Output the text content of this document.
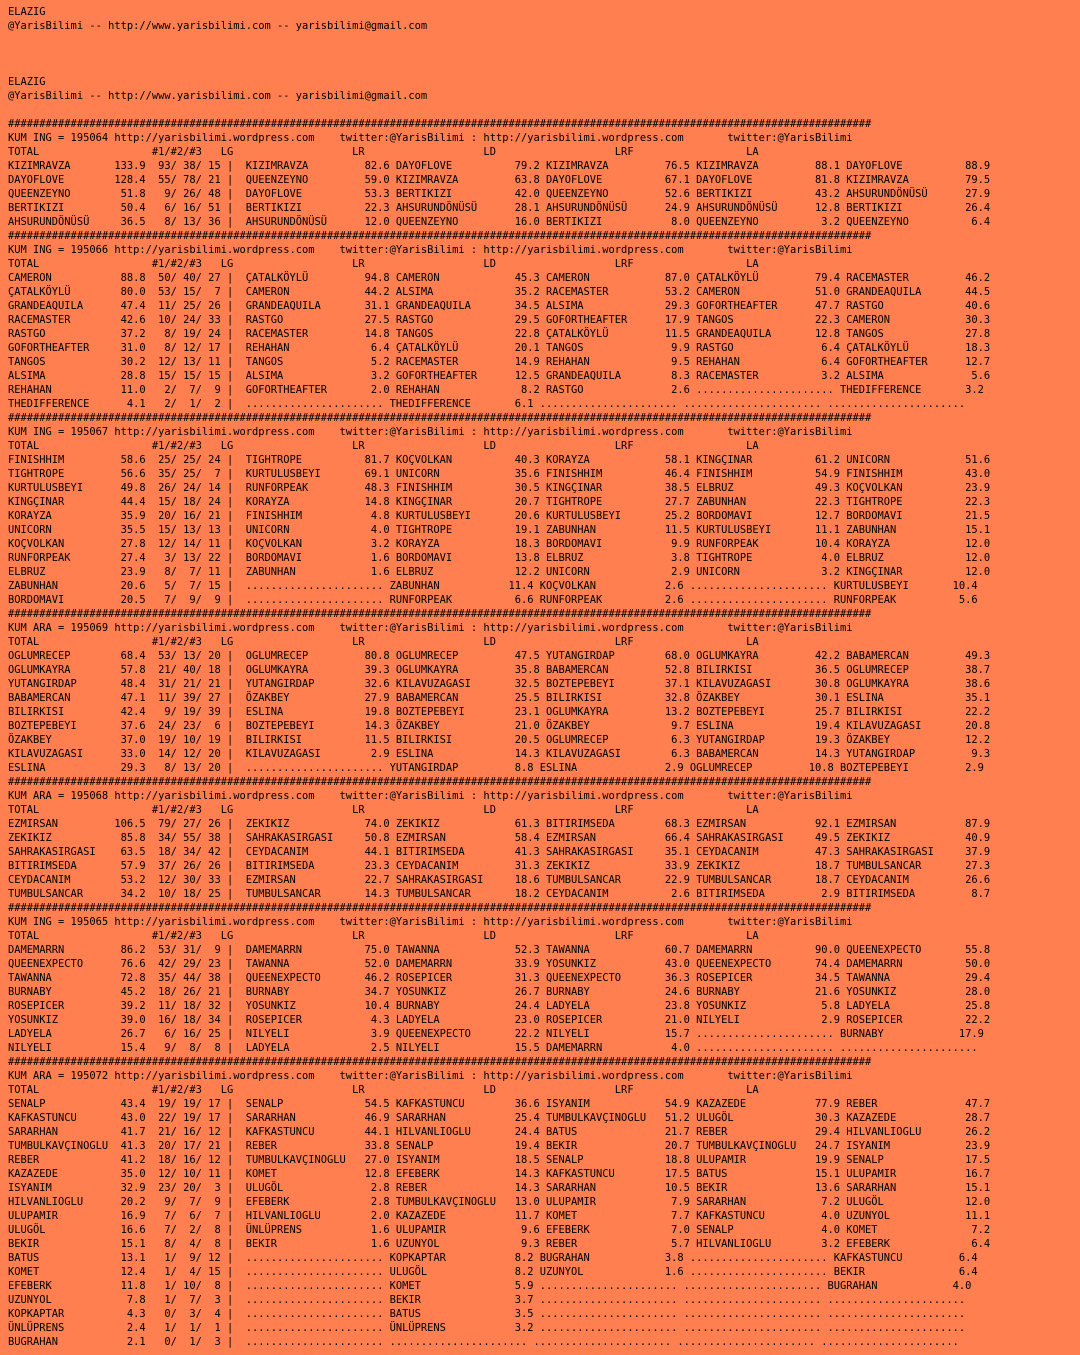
ELAZIG
@YarisBilimi -- http://www.yarisbilimi.com -- yarisbilimi@gmail.com
ELAZIG
@YarisBilimi -- http://www.yarisbilimi.com -- yarisbilimi@gmail.com
##########################################################################################################################################
KUM ING = 195064 http://yarisbilimi.wordpress.com    twitter:@YarisBilimi : http://yarisbilimi.wordpress.com       twitter:@YarisBilimi
TOTAL                  #1/#2/#3   LG                   LR                   LD                   LRF                  LA
KIZIMRAVZA       133.9  93/ 38/ 15 |  KIZIMRAVZA         82.6 DAYOFLOVE          79.2 KIZIMRAVZA         76.5 KIZIMRAVZA         88.1 DAYOFLOVE          88.9
DAYOFLOVE        128.4  55/ 78/ 21 |  QUEENZEYNO         59.0 KIZIMRAVZA         63.8 DAYOFLOVE          67.1 DAYOFLOVE          81.8 KIZIMRAVZA         79.5
QUEENZEYNO        51.8   9/ 26/ 48 |  DAYOFLOVE          53.3 BERTIKIZI          42.0 QUEENZEYNO         52.6 BERTIKIZI          43.2 AHSURUNDÖNÜSÜ      27.9
BERTIKIZI         50.4   6/ 16/ 51 |  BERTIKIZI          22.3 AHSURUNDÖNÜSÜ      28.1 AHSURUNDÖNÜSÜ      24.9 AHSURUNDÖNÜSÜ      12.8 BERTIKIZI          26.4
AHSURUNDÖNÜSÜ     36.5   8/ 13/ 36 |  AHSURUNDÖNÜSÜ      12.0 QUEENZEYNO         16.0 BERTIKIZI           8.0 QUEENZEYNO          3.2 QUEENZEYNO          6.4
##########################################################################################################################################
KUM ING = 195066 http://yarisbilimi.wordpress.com    twitter:@YarisBilimi : http://yarisbilimi.wordpress.com       twitter:@YarisBilimi
TOTAL                  #1/#2/#3   LG                   LR                   LD                   LRF                  LA
CAMERON           88.8  50/ 40/ 27 |  ÇATALKÖYLÜ         94.8 CAMERON            45.3 CAMERON            87.0 ÇATALKÖYLÜ         79.4 RACEMASTER         46.2
ÇATALKÖYLÜ        80.0  53/ 15/  7 |  CAMERON            44.2 ALSIMA             35.2 RACEMASTER         53.2 CAMERON            51.0 GRANDEAQUILA       44.5
GRANDEAQUILA      47.4  11/ 25/ 26 |  GRANDEAQUILA       31.1 GRANDEAQUILA       34.5 ALSIMA             29.3 GOFORTHEAFTER      47.7 RASTGO             40.6
RACEMASTER        42.6  10/ 24/ 33 |  RASTGO             27.5 RASTGO             29.5 GOFORTHEAFTER      17.9 TANGOS             22.3 CAMERON            30.3
RASTGO            37.2   8/ 19/ 24 |  RACEMASTER         14.8 TANGOS             22.8 ÇATALKÖYLÜ         11.5 GRANDEAQUILA       12.8 TANGOS             27.8
GOFORTHEAFTER     31.0   8/ 12/ 17 |  REHAHAN             6.4 ÇATALKÖYLÜ         20.1 TANGOS              9.9 RASTGO              6.4 ÇATALKÖYLÜ         18.3
TANGOS            30.2  12/ 13/ 11 |  TANGOS              5.2 RACEMASTER         14.9 REHAHAN             9.5 REHAHAN             6.4 GOFORTHEAFTER      12.7
ALSIMA            28.8  15/ 15/ 15 |  ALSIMA              3.2 GOFORTHEAFTER      12.5 GRANDEAQUILA        8.3 RACEMASTER          3.2 ALSIMA              5.6
REHAHAN           11.0   2/  7/  9 |  GOFORTHEAFTER       2.0 REHAHAN             8.2 RASTGO              2.6 ...................... THEDIFFERENCE       3.2
THEDIFFERENCE      4.1   2/  1/  2 |  ...................... THEDIFFERENCE       6.1 ...................... ...................... ......................
##########################################################################################################################################
KUM ING = 195067 http://yarisbilimi.wordpress.com    twitter:@YarisBilimi : http://yarisbilimi.wordpress.com       twitter:@YarisBilimi
TOTAL                  #1/#2/#3   LG                   LR                   LD                   LRF                  LA
FINISHHIM         58.6  25/ 25/ 24 |  TIGHTROPE          81.7 KOÇVOLKAN          40.3 KORAYZA            58.1 KINGÇINAR          61.2 UNICORN            51.6
TIGHTROPE         56.6  35/ 25/  7 |  KURTULUSBEYI       69.1 UNICORN            35.6 FINISHHIM          46.4 FINISHHIM          54.9 FINISHHIM          43.0
KURTULUSBEYI      49.8  26/ 24/ 14 |  RUNFORPEAK         48.3 FINISHHIM          30.5 KINGÇINAR          38.5 ELBRUZ             49.3 KOÇVOLKAN          23.9
KINGÇINAR         44.4  15/ 18/ 24 |  KORAYZA            14.8 KINGÇINAR          20.7 TIGHTROPE          27.7 ZABUNHAN           22.3 TIGHTROPE          22.3
KORAYZA           35.9  20/ 16/ 21 |  FINISHHIM           4.8 KURTULUSBEYI       20.6 KURTULUSBEYI       25.2 BORDOMAVI          12.7 BORDOMAVI          21.5
UNICORN           35.5  15/ 13/ 13 |  UNICORN             4.0 TIGHTROPE          19.1 ZABUNHAN           11.5 KURTULUSBEYI       11.1 ZABUNHAN           15.1
KOÇVOLKAN         27.8  12/ 14/ 11 |  KOÇVOLKAN           3.2 KORAYZA            18.3 BORDOMAVI           9.9 RUNFORPEAK         10.4 KORAYZA            12.0
RUNFORPEAK        27.4   3/ 13/ 22 |  BORDOMAVI           1.6 BORDOMAVI          13.8 ELBRUZ              3.8 TIGHTROPE           4.0 ELBRUZ             12.0
ELBRUZ            23.9   8/  7/ 11 |  ZABUNHAN            1.6 ELBRUZ             12.2 UNICORN             2.9 UNICORN             3.2 KINGÇINAR          12.0
ZABUNHAN          20.6   5/  7/ 15 |  ...................... ZABUNHAN           11.4 KOÇVOLKAN           2.6 ...................... KURTULUSBEYI       10.4
BORDOMAVI         20.5   7/  9/  9 |  ...................... RUNFORPEAK          6.6 RUNFORPEAK          2.6 ...................... RUNFORPEAK          5.6
##########################################################################################################################################
KUM ARA = 195069 http://yarisbilimi.wordpress.com    twitter:@YarisBilimi : http://yarisbilimi.wordpress.com       twitter:@YarisBilimi
TOTAL                  #1/#2/#3   LG                   LR                   LD                   LRF                  LA
OGLUMRECEP        68.4  53/ 13/ 20 |  OGLUMRECEP         80.8 OGLUMRECEP         47.5 YUTANGIRDAP        68.0 OGLUMKAYRA         42.2 BABAMERCAN         49.3
OGLUMKAYRA        57.8  21/ 40/ 18 |  OGLUMKAYRA         39.3 OGLUMKAYRA         35.8 BABAMERCAN         52.8 BILIRKISI          36.5 OGLUMRECEP         38.7
YUTANGIRDAP       48.4  31/ 21/ 21 |  YUTANGIRDAP        32.6 KILAVUZAGASI       32.5 BOZTEPEBEYI        37.1 KILAVUZAGASI       30.8 OGLUMKAYRA         38.6
BABAMERCAN        47.1  11/ 39/ 27 |  ÖZAKBEY            27.9 BABAMERCAN         25.5 BILIRKISI          32.8 ÖZAKBEY            30.1 ESLINA             35.1
BILIRKISI         42.4   9/ 19/ 39 |  ESLINA             19.8 BOZTEPEBEYI        23.1 OGLUMKAYRA         13.2 BOZTEPEBEYI        25.7 BILIRKISI          22.2
BOZTEPEBEYI       37.6  24/ 23/  6 |  BOZTEPEBEYI        14.3 ÖZAKBEY            21.0 ÖZAKBEY             9.7 ESLINA             19.4 KILAVUZAGASI       20.8
ÖZAKBEY           37.0  19/ 10/ 19 |  BILIRKISI          11.5 BILIRKISI          20.5 OGLUMRECEP          6.3 YUTANGIRDAP        19.3 ÖZAKBEY            12.2
KILAVUZAGASI      33.0  14/ 12/ 20 |  KILAVUZAGASI        2.9 ESLINA             14.3 KILAVUZAGASI        6.3 BABAMERCAN         14.3 YUTANGIRDAP         9.3
ESLINA            29.3   8/ 13/ 20 |  ...................... YUTANGIRDAP         8.8 ESLINA              2.9 OGLUMRECEP         10.8 BOZTEPEBEYI         2.9
##########################################################################################################################################
KUM ARA = 195068 http://yarisbilimi.wordpress.com    twitter:@YarisBilimi : http://yarisbilimi.wordpress.com       twitter:@YarisBilimi
TOTAL                  #1/#2/#3   LG                   LR                   LD                   LRF                  LA
EZMIRSAN         106.5  79/ 27/ 26 |  ZEKIKIZ            74.0 ZEKIKIZ            61.3 BITIRIMSEDA        68.3 EZMIRSAN           92.1 EZMIRSAN           87.9
ZEKIKIZ           85.8  34/ 55/ 38 |  SAHRAKASIRGASI     50.8 EZMIRSAN           58.4 EZMIRSAN           66.4 SAHRAKASIRGASI     49.5 ZEKIKIZ            40.9
SAHRAKASIRGASI    63.5  18/ 34/ 42 |  CEYDACANIM         44.1 BITIRIMSEDA        41.3 SAHRAKASIRGASI     35.1 CEYDACANIM         47.3 SAHRAKASIRGASI     37.9
BITIRIMSEDA       57.9  37/ 26/ 26 |  BITIRIMSEDA        23.3 CEYDACANIM         31.3 ZEKIKIZ            33.9 ZEKIKIZ            18.7 TUMBULSANCAR       27.3
CEYDACANIM        53.2  12/ 30/ 33 |  EZMIRSAN           22.7 SAHRAKASIRGASI     18.6 TUMBULSANCAR       22.9 TUMBULSANCAR       18.7 CEYDACANIM         26.6
TUMBULSANCAR      34.2  10/ 18/ 25 |  TUMBULSANCAR       14.3 TUMBULSANCAR       18.2 CEYDACANIM          2.6 BITIRIMSEDA         2.9 BITIRIMSEDA         8.7
##########################################################################################################################################
KUM ING = 195065 http://yarisbilimi.wordpress.com    twitter:@YarisBilimi : http://yarisbilimi.wordpress.com       twitter:@YarisBilimi
TOTAL                  #1/#2/#3   LG                   LR                   LD                   LRF                  LA
DAMEMARRN         86.2  53/ 31/  9 |  DAMEMARRN          75.0 TAWANNA            52.3 TAWANNA            60.7 DAMEMARRN          90.0 QUEENEXPECTO       55.8
QUEENEXPECTO      76.6  42/ 29/ 23 |  TAWANNA            52.0 DAMEMARRN          33.9 YOSUNKIZ           43.0 QUEENEXPECTO       74.4 DAMEMARRN          50.0
TAWANNA           72.8  35/ 44/ 38 |  QUEENEXPECTO       46.2 ROSEPICER          31.3 QUEENEXPECTO       36.3 ROSEPICER          34.5 TAWANNA            29.4
BURNABY           45.2  18/ 26/ 21 |  BURNABY            34.7 YOSUNKIZ           26.7 BURNABY            24.6 BURNABY            21.6 YOSUNKIZ           28.0
ROSEPICER         39.2  11/ 18/ 32 |  YOSUNKIZ           10.4 BURNABY            24.4 LADYELA            23.8 YOSUNKIZ            5.8 LADYELA            25.8
YOSUNKIZ          39.0  16/ 18/ 34 |  ROSEPICER           4.3 LADYELA            23.0 ROSEPICER          21.0 NILYELI             2.9 ROSEPICER          22.2
LADYELA           26.7   6/ 16/ 25 |  NILYELI             3.9 QUEENEXPECTO       22.2 NILYELI            15.7 ...................... BURNABY            17.9
NILYELI           15.4   9/  8/  8 |  LADYELA             2.5 NILYELI            15.5 DAMEMARRN           4.0 ...................... ......................
##########################################################################################################################################
KUM ARA = 195072 http://yarisbilimi.wordpress.com    twitter:@YarisBilimi : http://yarisbilimi.wordpress.com       twitter:@YarisBilimi
TOTAL                  #1/#2/#3   LG                   LR                   LD                   LRF                  LA
SENALP            43.4  19/ 19/ 17 |  SENALP             54.5 KAFKASTUNCU        36.6 ISYANIM            54.9 KAZAZEDE           77.9 REBER              47.7
KAFKASTUNCU       43.0  22/ 19/ 17 |  SARARHAN           46.9 SARARHAN           25.4 TUMBULKAVÇINOGLU   51.2 ULUGÖL             30.3 KAZAZEDE           28.7
SARARHAN          41.7  21/ 16/ 12 |  KAFKASTUNCU        44.1 HILVANLIOGLU       24.4 BATUS              21.7 REBER              29.4 HILVANLIOGLU       26.2
TUMBULKAVÇINOGLU  41.3  20/ 17/ 21 |  REBER              33.8 SENALP             19.4 BEKIR              20.7 TUMBULKAVÇINOGLU   24.7 ISYANIM            23.9
REBER             41.2  18/ 16/ 12 |  TUMBULKAVÇINOGLU   27.0 ISYANIM            18.5 SENALP             18.8 ULUPAMIR           19.9 SENALP             17.5
KAZAZEDE          35.0  12/ 10/ 11 |  KOMET              12.8 EFEBERK            14.3 KAFKASTUNCU        17.5 BATUS              15.1 ULUPAMIR           16.7
ISYANIM           32.9  23/ 20/  3 |  ULUGÖL              2.8 REBER              14.3 SARARHAN           10.5 BEKIR              13.6 SARARHAN           15.1
HILVANLIOGLU      20.2   9/  7/  9 |  EFEBERK             2.8 TUMBULKAVÇINOGLU   13.0 ULUPAMIR            7.9 SARARHAN            7.2 ULUGÖL             12.0
ULUPAMIR          16.9   7/  6/  7 |  HILVANLIOGLU        2.0 KAZAZEDE           11.7 KOMET               7.7 KAFKASTUNCU         4.0 UZUNYOL            11.1
ULUGÖL            16.6   7/  2/  8 |  ÜNLÜPRENS           1.6 ULUPAMIR            9.6 EFEBERK             7.0 SENALP              4.0 KOMET               7.2
BEKIR             15.1   8/  4/  8 |  BEKIR               1.6 UZUNYOL             9.3 REBER               5.7 HILVANLIOGLU        3.2 EFEBERK             6.4
BATUS             13.1   1/  9/ 12 |  ...................... KOPKAPTAR           8.2 BUGRAHAN            3.8 ...................... KAFKASTUNCU         6.4
KOMET             12.4   1/  4/ 15 |  ...................... ULUGÖL              8.2 UZUNYOL             1.6 ...................... BEKIR               6.4
EFEBERK           11.8   1/ 10/  8 |  ...................... KOMET               5.9 ...................... ...................... BUGRAHAN            4.0
UZUNYOL            7.8   1/  7/  3 |  ...................... BEKIR               3.7 ...................... ...................... ......................
KOPKAPTAR          4.3   0/  3/  4 |  ...................... BATUS               3.5 ...................... ...................... ......................
ÜNLÜPRENS          2.4   1/  1/  1 |  ...................... ÜNLÜPRENS           3.2 ...................... ...................... ......................
BUGRAHAN           2.1   0/  1/  3 |  ...................... ...................... ...................... ...................... ......................
